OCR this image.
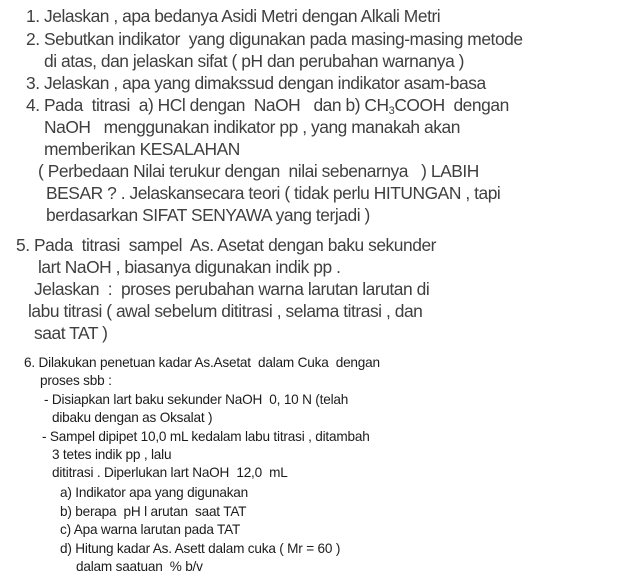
1. Jelaskan , apa bedanya Asidi Metri dengan Alkali Metri
2. Sebutkan indikator  yang digunakan pada masing-masing metode
di atas, dan jelaskan sifat ( pH dan perubahan warnanya )
3. Jelaskan , apa yang dimakssud dengan indikator asam-basa
4. Pada  titrasi  a) HCl dengan  NaOH   dan b) $CH_3COOH$  dengan
NaOH   menggunakan indikator pp , yang manakah akan
memberikan KESALAHAN
( Perbedaan Nilai terukur dengan  nilai sebenarnya   ) LABIH
BESAR ? . Jelaskansecara teori ( tidak perlu HITUNGAN , tapi
berdasarkan SIFAT SENYAWA yang terjadi )
5. Pada  titrasi  sampel  As. Asetat dengan baku sekunder
lart NaOH , biasanya digunakan indik pp .
Jelaskan  :  proses perubahan warna larutan larutan di
labu titrasi ( awal sebelum dititrasi , selama titrasi , dan
saat TAT )
6. Dilakukan penetuan kadar As.Asetat  dalam Cuka  dengan
proses sbb :
- Disiapkan lart baku sekunder NaOH  0, 10 N (telah
dibaku dengan as Oksalat )
- Sampel dipipet 10,0 mL kedalam labu titrasi , ditambah
3 tetes indik pp , lalu
dititrasi . Diperlukan lart NaOH  12,0  mL
a) Indikator apa yang digunakan
b) berapa  pH l arutan  saat TAT
c) Apa warna larutan pada TAT
d) Hitung kadar As. Asett dalam cuka ( Mr = 60 )
dalam saatuan  % b/v
